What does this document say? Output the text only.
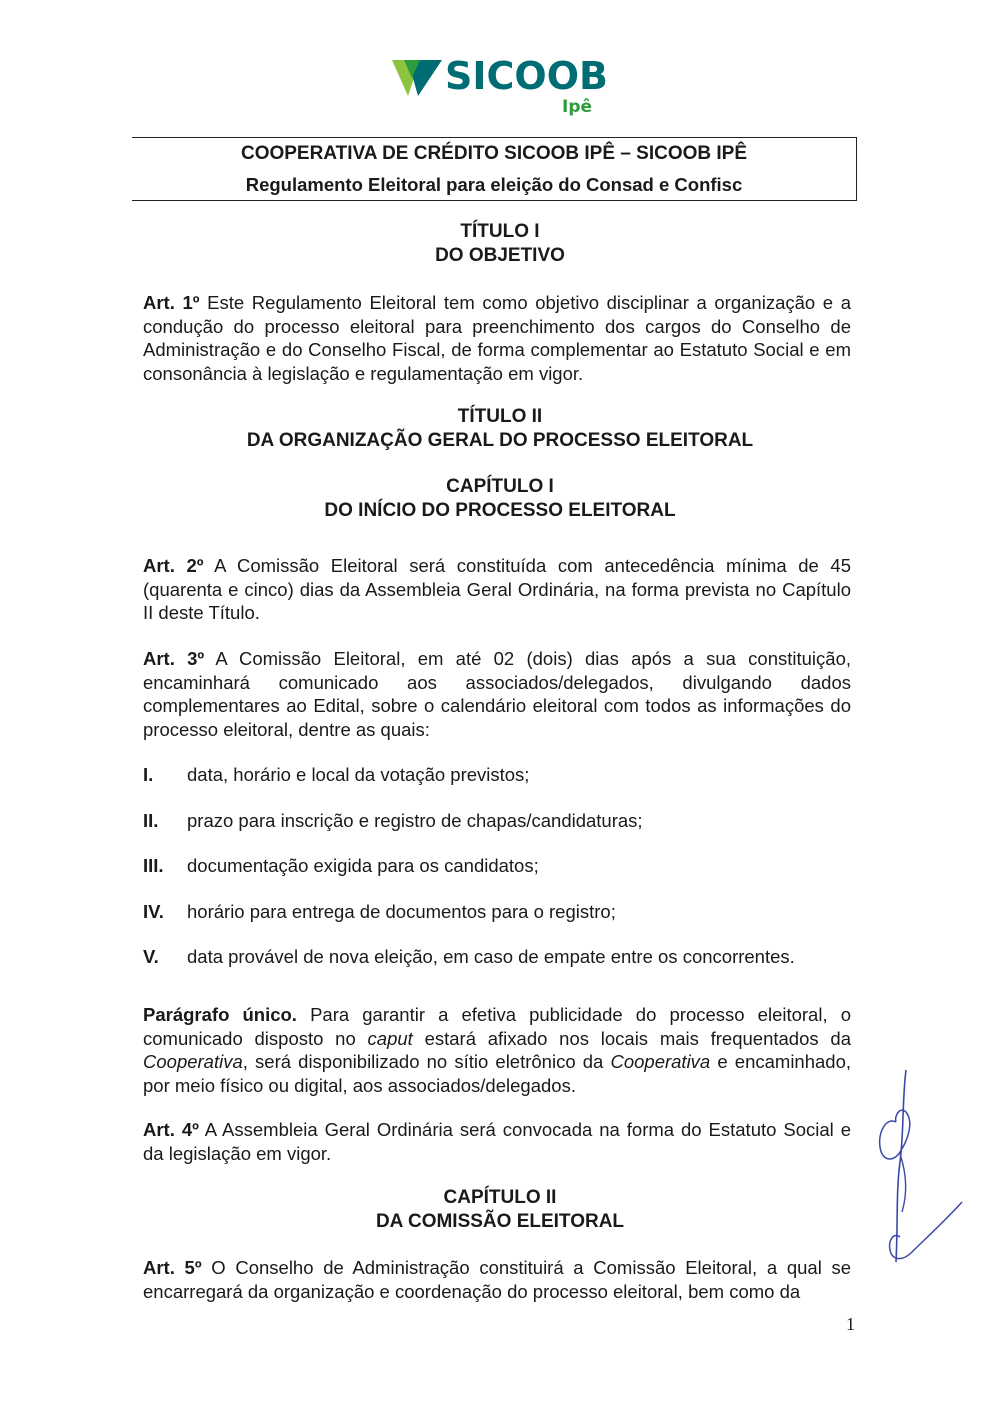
SICOOB
Ipê
COOPERATIVA DE CRÉDITO SICOOB IPÊ – SICOOB IPÊ
Regulamento Eleitoral para eleição do Consad e Confisc
TÍTULO I
DO OBJETIVO

Art. 1º Este Regulamento Eleitoral tem como objetivo disciplinar a organização e a condução do processo eleitoral para preenchimento dos cargos do Conselho de Administração e do Conselho Fiscal, de forma complementar ao Estatuto Social e em consonância à legislação e regulamentação em vigor.

TÍTULO II
DA ORGANIZAÇÃO GERAL DO PROCESSO ELEITORAL
CAPÍTULO I
DO INÍCIO DO PROCESSO ELEITORAL

Art. 2º A Comissão Eleitoral será constituída com antecedência mínima de 45 (quarenta e cinco) dias da Assembleia Geral Ordinária, na forma prevista no Capítulo II deste Título.

Art. 3º A Comissão Eleitoral, em até 02 (dois) dias após a sua constituição, encaminhará comunicado aos associados/delegados, divulgando dados complementares ao Edital, sobre o calendário eleitoral com todos as informações do processo eleitoral, dentre as quais:

I. data, horário e local da votação previstos;
II. prazo para inscrição e registro de chapas/candidaturas;
III. documentação exigida para os candidatos;
IV. horário para entrega de documentos para o registro;
V. data provável de nova eleição, em caso de empate entre os concorrentes.

Parágrafo único. Para garantir a efetiva publicidade do processo eleitoral, o comunicado disposto no caput estará afixado nos locais mais frequentados da Cooperativa, será disponibilizado no sítio eletrônico da Cooperativa e encaminhado, por meio físico ou digital, aos associados/delegados.

Art. 4º A Assembleia Geral Ordinária será convocada na forma do Estatuto Social e da legislação em vigor.

CAPÍTULO II
DA COMISSÃO ELEITORAL

Art. 5º O Conselho de Administração constituirá a Comissão Eleitoral, a qual se encarregará da organização e coordenação do processo eleitoral, bem como da

1
